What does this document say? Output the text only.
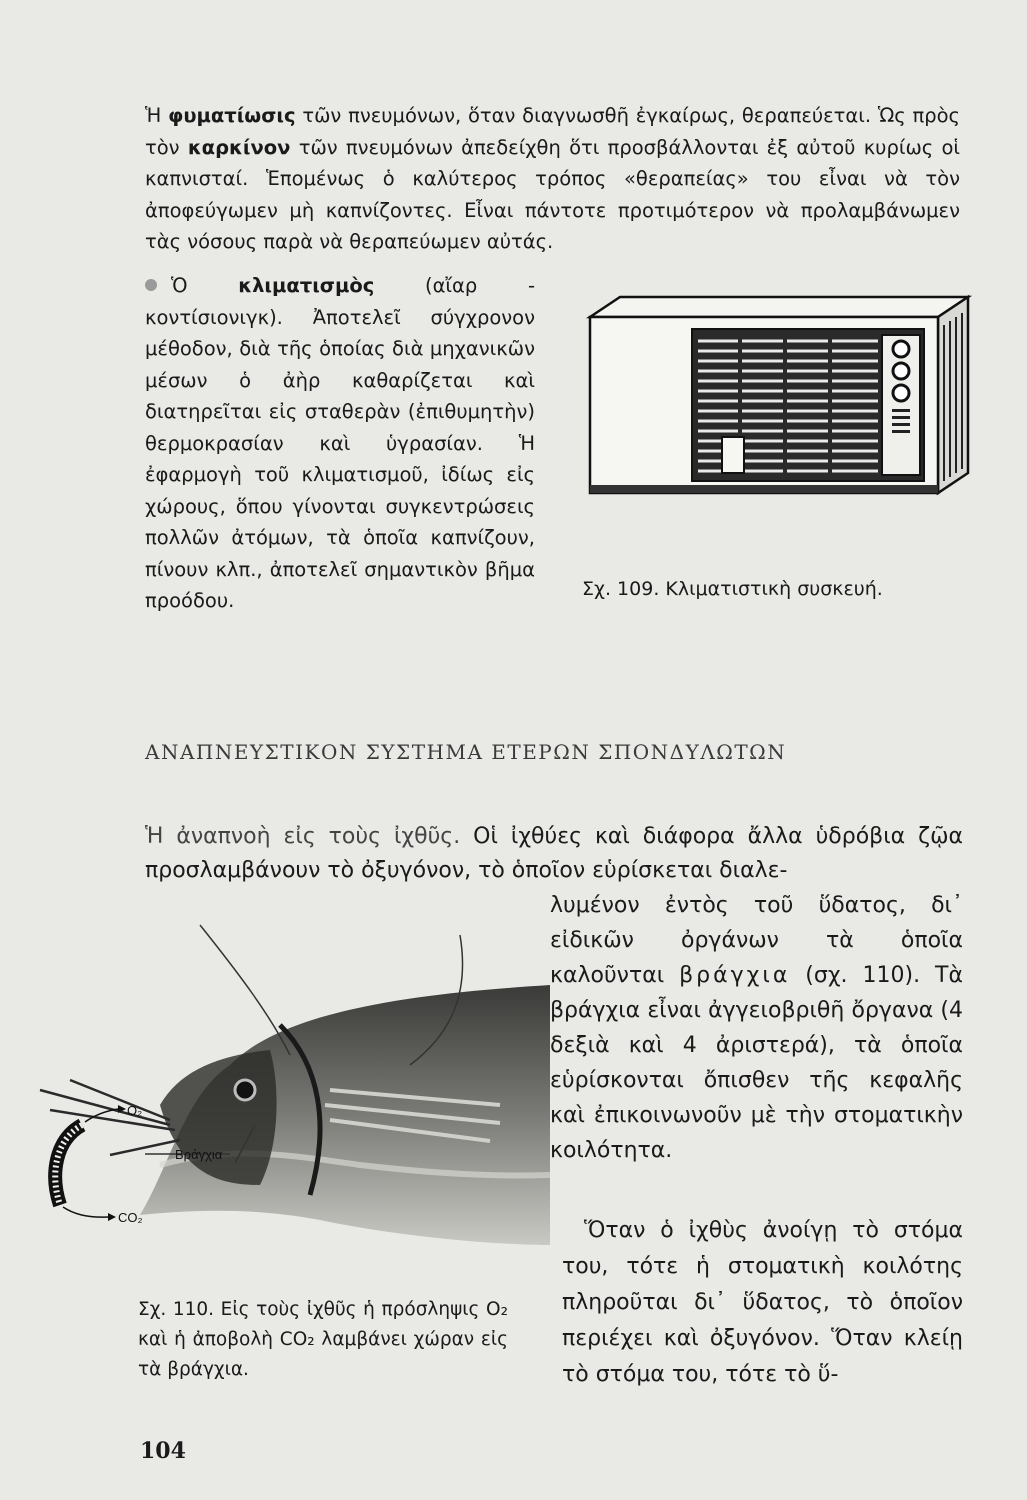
Ἡ φυματίωσις τῶν πνευμόνων, ὅταν διαγνωσθῆ ἐγκαίρως, θεραπεύεται. Ὡς πρὸς τὸν καρκίνον τῶν πνευμόνων ἀπεδείχθη ὅτι προσβάλλονται ἐξ αὐτοῦ κυρίως οἱ καπνισταί. Ἑπομένως ὁ καλύτερος τρόπος «θεραπείας» του εἶναι νὰ τὸν ἀποφεύγωμεν μὴ καπνίζοντες. Εἶναι πάντοτε προτιμότερον νὰ προλαμβάνωμεν τὰς νόσους παρὰ νὰ θεραπεύωμεν αὐτάς.

Ὁ κλιματισμὸς (αἴαρ - κοντίσιονιγκ). Ἀποτελεῖ σύγχρονον μέθοδον, διὰ τῆς ὁποίας διὰ μηχανικῶν μέσων ὁ ἀὴρ καθαρίζεται καὶ διατηρεῖται εἰς σταθερὰν (ἐπιθυμητὴν) θερμοκρασίαν καὶ ὑγρασίαν. Ἡ ἐφαρμογὴ τοῦ κλιματισμοῦ, ἰδίως εἰς χώρους, ὅπου γίνονται συγκεντρώσεις πολλῶν ἀτόμων, τὰ ὁποῖα καπνίζουν, πίνουν κλπ., ἀποτελεῖ σημαντικὸν βῆμα προόδου.	Σχ. 109. Κλιματιστικὴ συσκευή.
ΑΝΑΠΝΕΥΣΤΙΚΟΝ ΣΥΣΤΗΜΑ ΕΤΕΡΩΝ ΣΠΟΝΔΥΛΩΤΩΝ

Ἡ ἀναπνοὴ εἰς τοὺς ἰχθῦς. Οἱ ἰχθύες καὶ διάφορα ἄλλα ὑδρόβια ζῷα προσλαμβάνουν τὸ ὀξυγόνον, τὸ ὁποῖον εὑρίσκεται διαλε-

λυμένον ἐντὸς τοῦ ὕδατος, δι᾽ εἰδικῶν ὀργάνων τὰ ὁποῖα καλοῦνται βράγχια (σχ. 110). Τὰ βράγχια εἶναι ἀγγειοβριθῆ ὄργανα (4 δεξιὰ καὶ 4 ἀριστερά), τὰ ὁποῖα εὑρίσκονται ὄπισθεν τῆς κεφαλῆς καὶ ἐπικοινωνοῦν μὲ τὴν στοματικὴν κοιλότητα.

Ὅταν ὁ ἰχθὺς ἀνοίγῃ τὸ στόμα του, τότε ἡ στοματικὴ κοιλότης πληροῦται δι᾽ ὕδατος, τὸ ὁποῖον περιέχει καὶ ὀξυγόνον. Ὅταν κλείῃ τὸ στόμα του, τότε τὸ ὕ-

O₂
Βράγχια
CO₂

Σχ. 110. Εἰς τοὺς ἰχθῦς ἡ πρόσληψις O₂ καὶ ἡ ἀποβολὴ CO₂ λαμβάνει χώραν εἰς τὰ βράγχια.

104
